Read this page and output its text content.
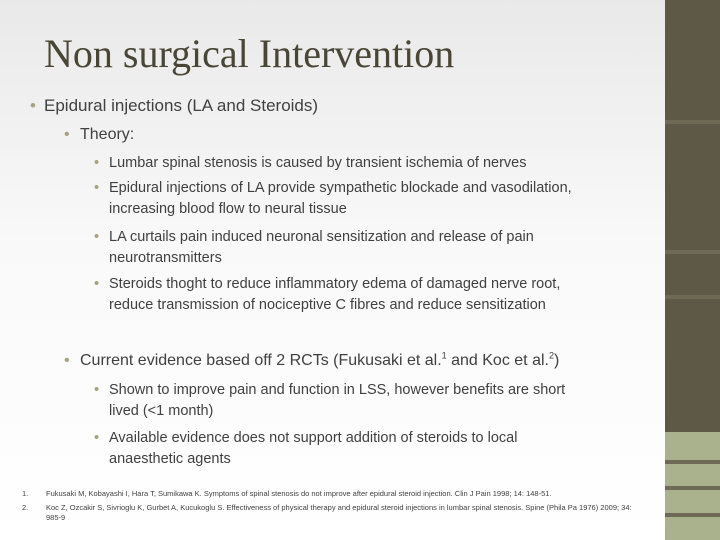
Non surgical Intervention
• Epidural injections (LA and Steroids)
• Theory:
• Lumbar spinal stenosis is caused by transient ischemia of nerves
• Epidural injections of LA provide sympathetic blockade and vasodilation,
increasing blood flow to neural tissue
• LA curtails pain induced neuronal sensitization and release of pain
neurotransmitters
• Steroids thoght to reduce inflammatory edema of damaged nerve root,
reduce transmission of nociceptive C fibres and reduce sensitization
• Current evidence based off 2 RCTs (Fukusaki et al.$^1$ and Koc et al.$^2$)
• Shown to improve pain and function in LSS, however benefits are short
lived (<1 month)
• Available evidence does not support addition of steroids to local
anaesthetic agents
1. Fukusaki M, Kobayashi I, Hara T, Sumikawa K. Symptoms of spinal stenosis do not improve after epidural steroid injection. Clin J Pain 1998; 14: 148-51.
2. Koc Z, Ozcakir S, Sivrioglu K, Gurbet A, Kucukoglu S. Effectiveness of physical therapy and epidural steroid injections in lumbar spinal stenosis. Spine (Phila Pa 1976) 2009; 34: 985-9
